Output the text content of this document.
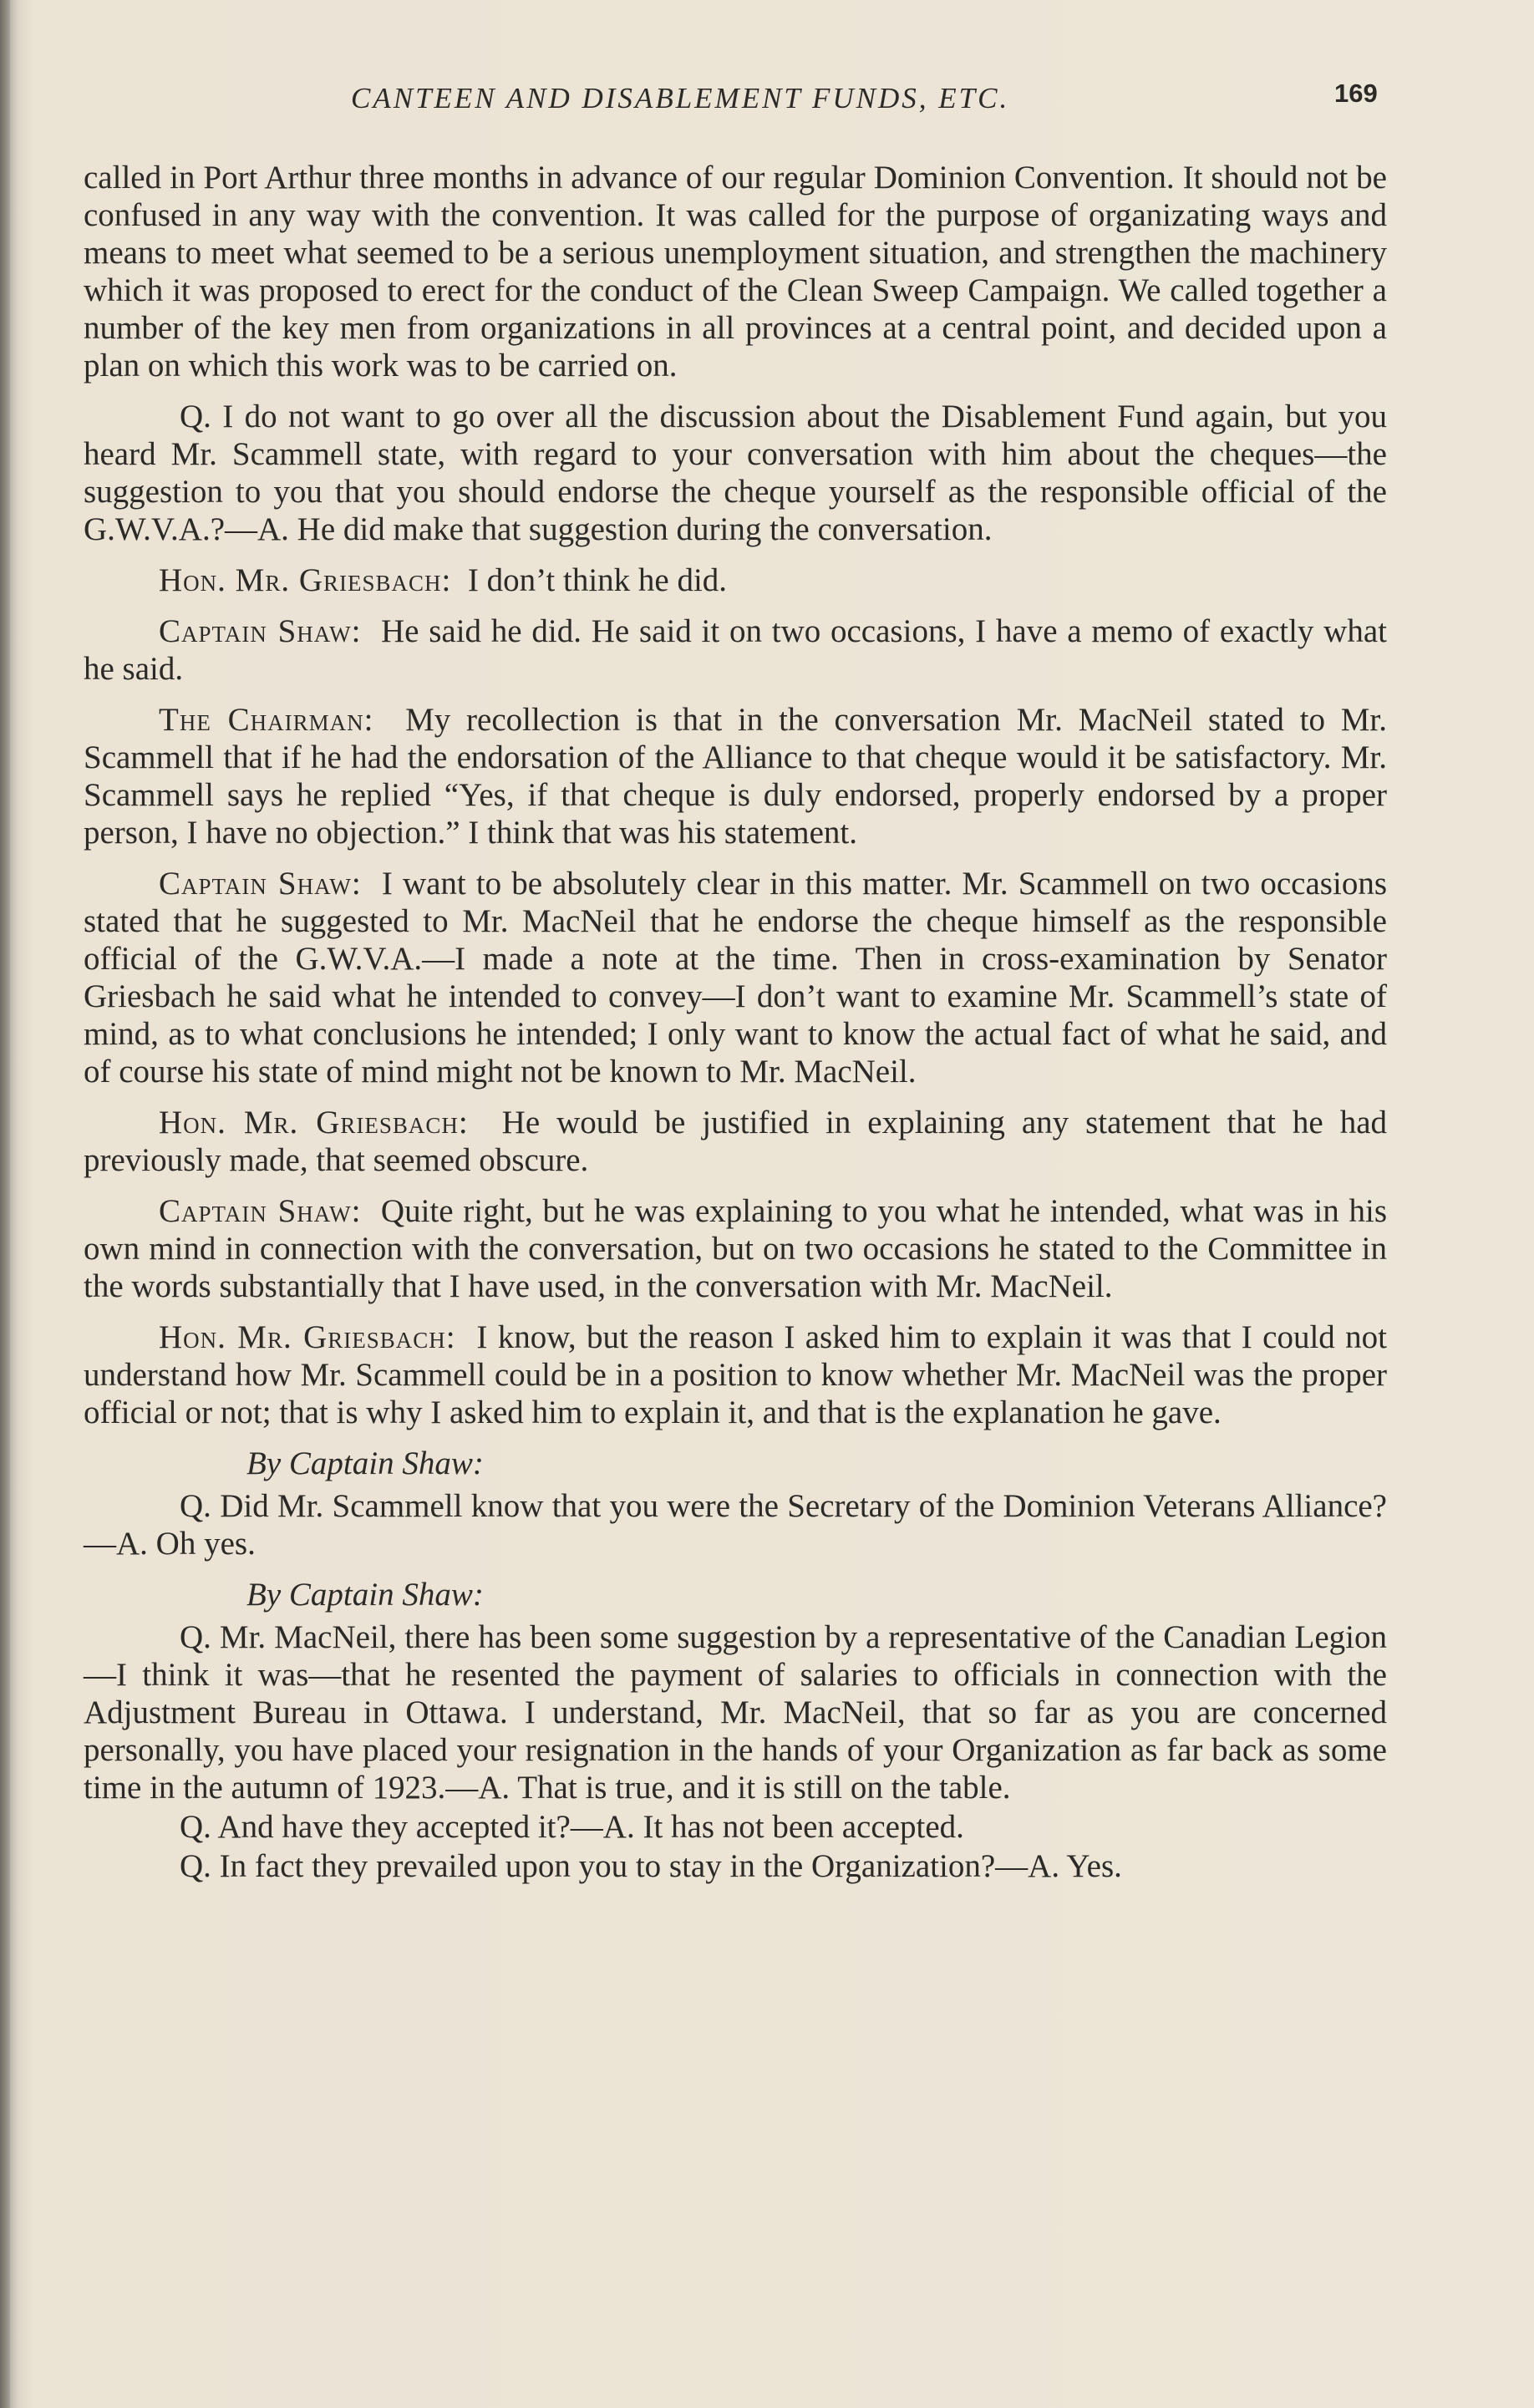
CANTEEN AND DISABLEMENT FUNDS, ETC.	169

called in Port Arthur three months in advance of our regular Dominion Convention. It should not be confused in any way with the convention. It was called for the purpose of organizating ways and means to meet what seemed to be a serious unemployment situation, and strengthen the machinery which it was proposed to erect for the conduct of the Clean Sweep Campaign. We called together a number of the key men from organizations in all provinces at a central point, and decided upon a plan on which this work was to be carried on.

Q. I do not want to go over all the discussion about the Disablement Fund again, but you heard Mr. Scammell state, with regard to your conversation with him about the cheques—the suggestion to you that you should endorse the cheque yourself as the responsible official of the G.W.V.A.?—A. He did make that suggestion during the conversation.

Hon. Mr. Griesbach: I don’t think he did.

Captain Shaw: He said he did. He said it on two occasions, I have a memo of exactly what he said.

The Chairman: My recollection is that in the conversation Mr. MacNeil stated to Mr. Scammell that if he had the endorsation of the Alliance to that cheque would it be satisfactory. Mr. Scammell says he replied “Yes, if that cheque is duly endorsed, properly endorsed by a proper person, I have no objection.” I think that was his statement.

Captain Shaw: I want to be absolutely clear in this matter. Mr. Scammell on two occasions stated that he suggested to Mr. MacNeil that he endorse the cheque himself as the responsible official of the G.W.V.A.—I made a note at the time. Then in cross-examination by Senator Griesbach he said what he intended to convey—I don’t want to examine Mr. Scammell’s state of mind, as to what conclusions he intended; I only want to know the actual fact of what he said, and of course his state of mind might not be known to Mr. MacNeil.

Hon. Mr. Griesbach: He would be justified in explaining any statement that he had previously made, that seemed obscure.

Captain Shaw: Quite right, but he was explaining to you what he intended, what was in his own mind in connection with the conversation, but on two occasions he stated to the Committee in the words substantially that I have used, in the conversation with Mr. MacNeil.

Hon. Mr. Griesbach: I know, but the reason I asked him to explain it was that I could not understand how Mr. Scammell could be in a position to know whether Mr. MacNeil was the proper official or not; that is why I asked him to explain it, and that is the explanation he gave.

By Captain Shaw:

Q. Did Mr. Scammell know that you were the Secretary of the Dominion Veterans Alliance?—A. Oh yes.

By Captain Shaw:

Q. Mr. MacNeil, there has been some suggestion by a representative of the Canadian Legion—I think it was—that he resented the payment of salaries to officials in connection with the Adjustment Bureau in Ottawa. I understand, Mr. MacNeil, that so far as you are concerned personally, you have placed your resignation in the hands of your Organization as far back as some time in the autumn of 1923.—A. That is true, and it is still on the table.

Q. And have they accepted it?—A. It has not been accepted.

Q. In fact they prevailed upon you to stay in the Organization?—A. Yes.
